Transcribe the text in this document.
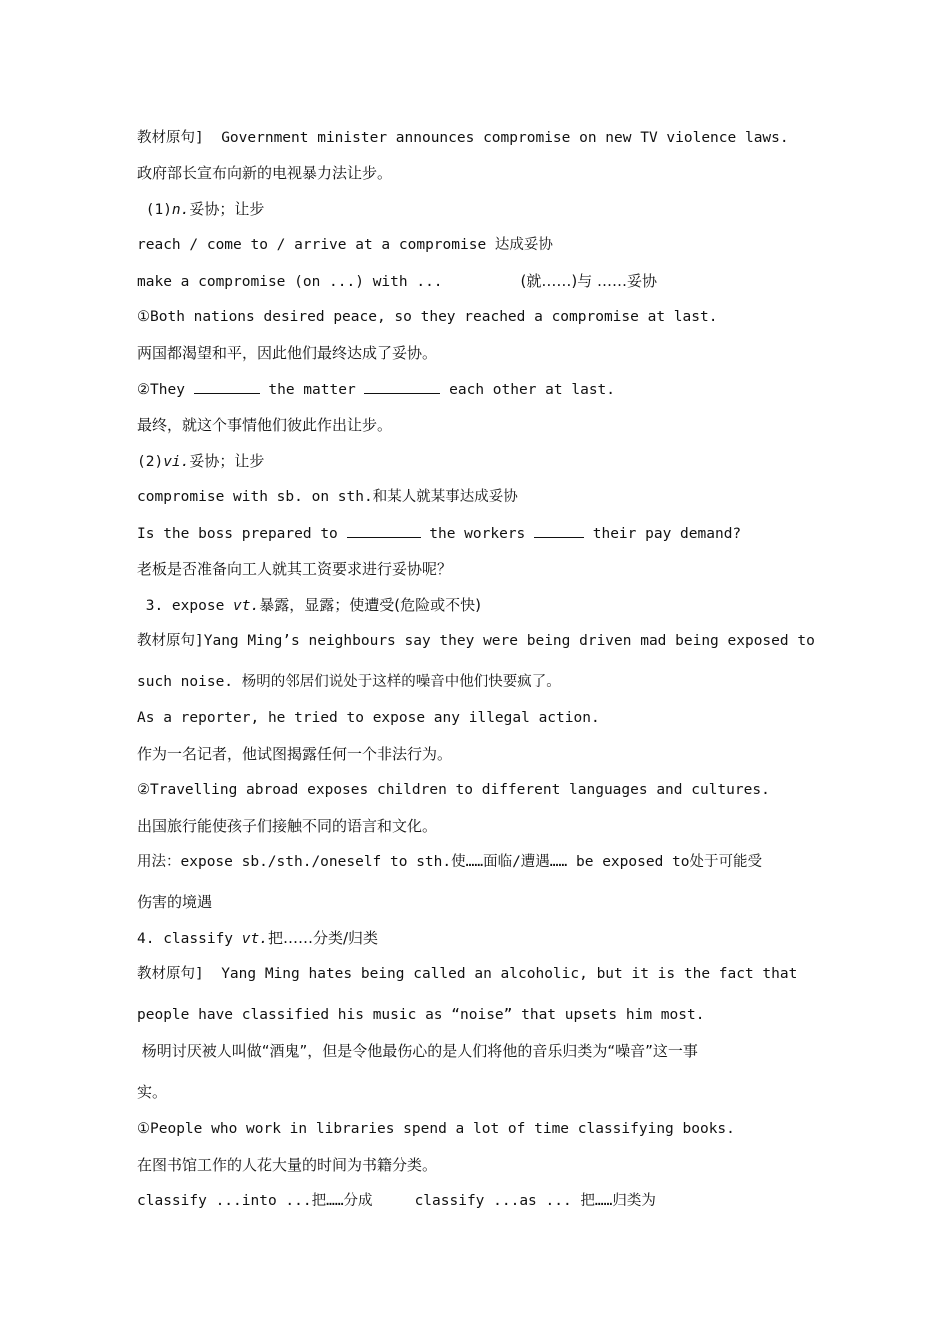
教材原句]  Government minister announces compromise on new TV violence laws.
政府部长宣布向新的电视暴力法让步。
(1)n.妥协；让步
reach / come to / arrive at a compromise 达成妥协
make a compromise (on ...) with ...	(就……)与 ……妥协
①Both nations desired peace, so they reached a compromise at last.
两国都渴望和平，因此他们最终达成了妥协。
②They	the matter	each other at last.
最终，就这个事情他们彼此作出让步。
(2)vi.妥协；让步
compromise with sb. on sth.和某人就某事达成妥协
Is the boss prepared to	the workers	their pay demand?
老板是否准备向工人就其工资要求进行妥协呢？
3. expose vt.暴露，显露；使遭受(危险或不快)
教材原句]Yang Ming’s neighbours say they were being driven mad being exposed to
such noise. 杨明的邻居们说处于这样的噪音中他们快要疯了。
As a reporter, he tried to expose any illegal action.
作为一名记者，他试图揭露任何一个非法行为。
②Travelling abroad exposes children to different languages and cultures.
出国旅行能使孩子们接触不同的语言和文化。
用法：expose sb./sth./oneself to sth.使……面临/遭遇…… be exposed to处于可能受
伤害的境遇
4. classify vt.把……分类/归类
教材原句]  Yang Ming hates being called an alcoholic, but it is the fact that
people have classified his music as “noise” that upsets him most.
杨明讨厌被人叫做“酒鬼”，但是令他最伤心的是人们将他的音乐归类为“噪音”这一事
实。
①People who work in libraries spend a lot of time classifying books.
在图书馆工作的人花大量的时间为书籍分类。
classify ...into ...把……分成	classify ...as ... 把……归类为
